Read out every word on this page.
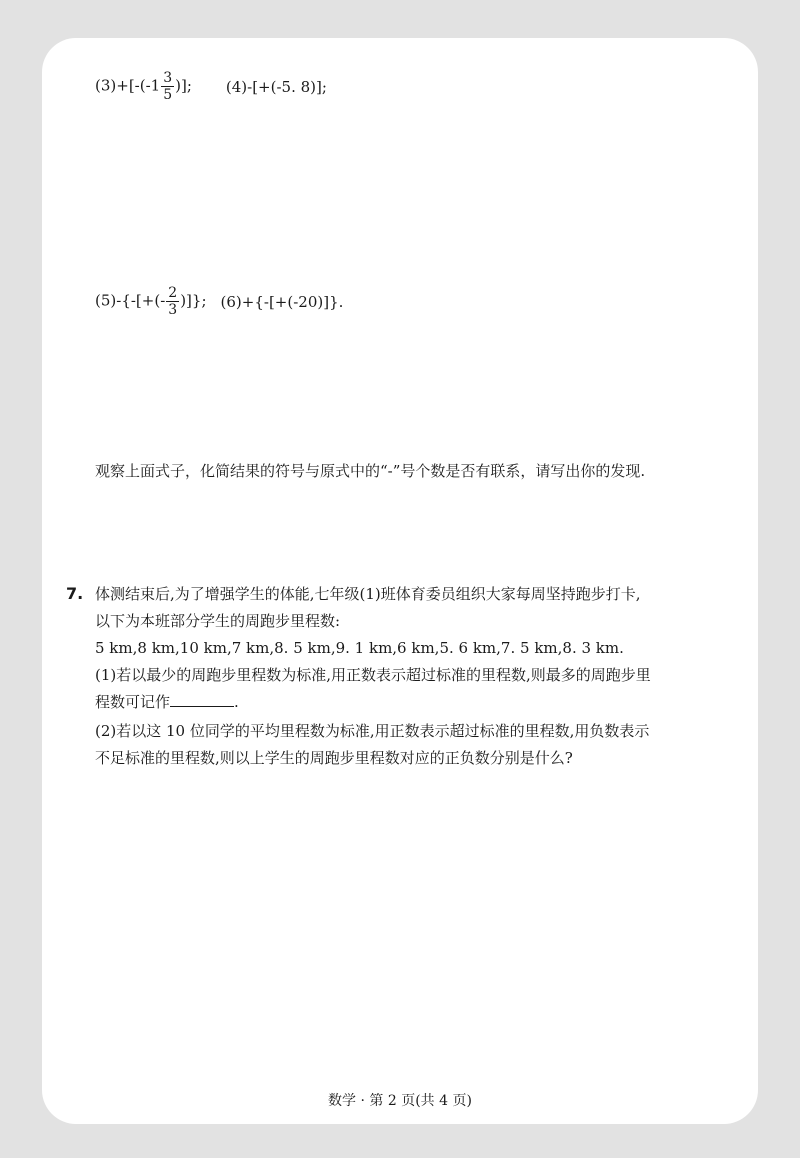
$(3)+[-(-1 \frac{3}{5}$ )]; (4)-[+(-5. 8)];
$(5)-\{-[+(- \frac{2}{3}$ )]}; (6)+{-[+(-20)]}.
观察上面式子，化简结果的符号与原式中的“-”号个数是否有联系，请写出你的发现.
7. 体测结束后,为了增强学生的体能,七年级(1)班体育委员组织大家每周坚持跑步打卡,
以下为本班部分学生的周跑步里程数:
5 km,8 km,10 km,7 km,8. 5 km,9. 1 km,6 km,5. 6 km,7. 5 km,8. 3 km.
(1)若以最少的周跑步里程数为标准,用正数表示超过标准的里程数,则最多的周跑步里
程数可记作	.
(2)若以这 10 位同学的平均里程数为标准,用正数表示超过标准的里程数,用负数表示
不足标准的里程数,则以上学生的周跑步里程数对应的正负数分别是什么?
数学 · 第 2 页(共 4 页)
